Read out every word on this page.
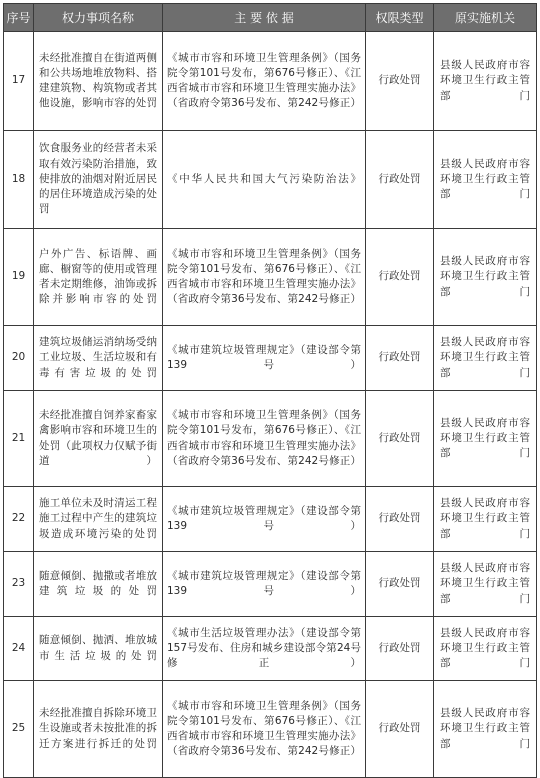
序号	权力事项名称	主 要 依 据	权限类型	原实施机关
17	未经批准擅自在街道两侧和公共场地堆放物料、搭建建筑物、构筑物或者其他设施，影响市容的处罚	《城市市容和环境卫生管理条例》（国务院令第101号发布，第676号修正）、《江西省城市市容和环境卫生管理实施办法》（省政府令第36号发布、第242号修正）	行政处罚	县级人民政府市容环境卫生行政主管部门
18	饮食服务业的经营者未采取有效污染防治措施，致使排放的油烟对附近居民的居住环境造成污染的处罚	《中华人民共和国大气污染防治法》	行政处罚	县级人民政府市容环境卫生行政主管部门
19	户外广告、标语牌、画廊、橱窗等的使用或管理者未定期维修，油饰或拆除并影响市容的处罚	《城市市容和环境卫生管理条例》（国务院令第101号发布、第676号修正）、《江西省城市市容和环境卫生管理实施办法》（省政府令第36号发布、第242号修正）	行政处罚	县级人民政府市容环境卫生行政主管部门
20	建筑垃圾储运消纳场受纳工业垃圾、生活垃圾和有毒有害垃圾的处罚	《城市建筑垃圾管理规定》（建设部令第139号）	行政处罚	县级人民政府市容环境卫生行政主管部门
21	未经批准擅自饲养家畜家禽影响市容和环境卫生的处罚（此项权力仅赋予街道）	《城市市容和环境卫生管理条例》（国务院令第101号发布，第676号修正）、《江西省城市市容和环境卫生管理实施办法》（省政府令第36号发布、第242号修正）	行政处罚	县级人民政府市容环境卫生行政主管部门
22	施工单位未及时清运工程施工过程中产生的建筑垃圾造成环境污染的处罚	《城市建筑垃圾管理规定》（建设部令第139号）	行政处罚	县级人民政府市容环境卫生行政主管部门
23	随意倾倒、抛撒或者堆放建筑垃圾的处罚	《城市建筑垃圾管理规定》（建设部令第139号）	行政处罚	县级人民政府市容环境卫生行政主管部门
24	随意倾倒、抛洒、堆放城市生活垃圾的处罚	《城市生活垃圾管理办法》（建设部令第157号发布、住房和城乡建设部令第24号修正）	行政处罚	县级人民政府市容环境卫生行政主管部门
25	未经批准擅自拆除环境卫生设施或者未按批准的拆迁方案进行拆迁的处罚	《城市市容和环境卫生管理条例》（国务院令第101号发布、第676号修正）、《江西省城市市容和环境卫生管理实施办法》（省政府令第36号发布、第242号修正）	行政处罚	县级人民政府市容环境卫生行政主管部门
